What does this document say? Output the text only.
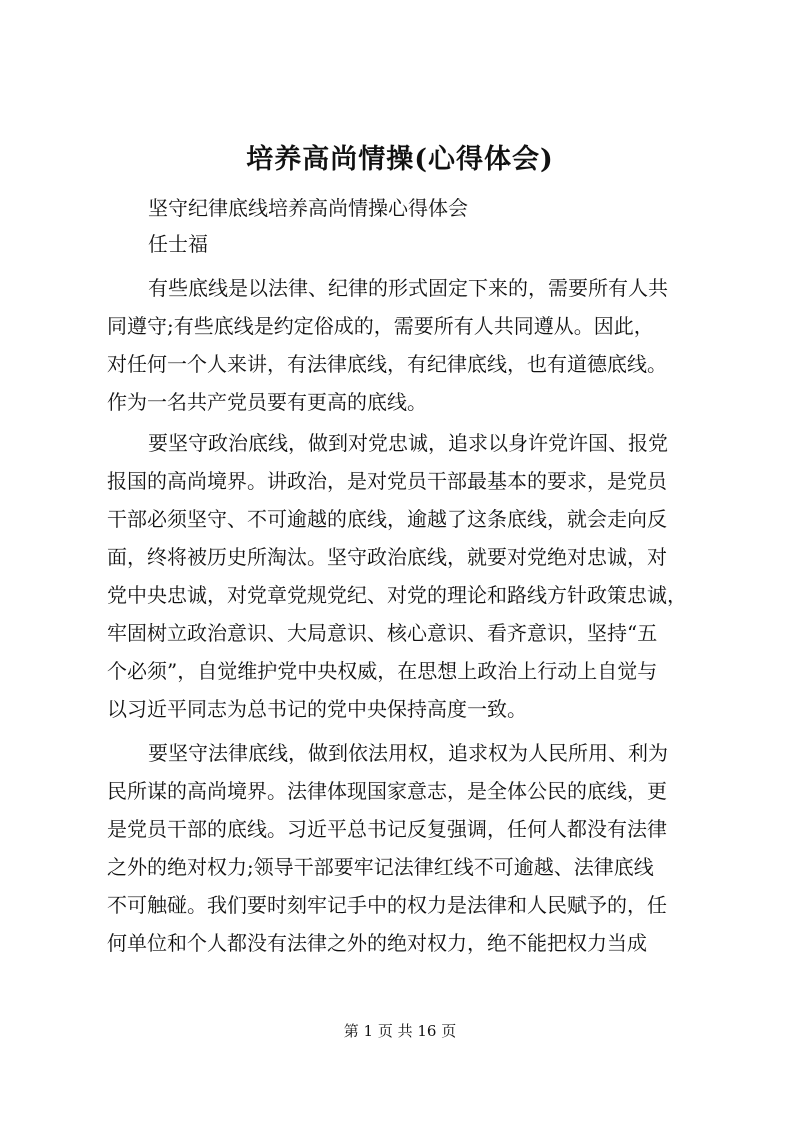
培养高尚情操(心得体会)

坚守纪律底线培养高尚情操心得体会

任士福

有些底线是以法律、纪律的形式固定下来的，需要所有人共
同遵守;有些底线是约定俗成的，需要所有人共同遵从。因此，
对任何一个人来讲，有法律底线，有纪律底线，也有道德底线。
作为一名共产党员要有更高的底线。
要坚守政治底线，做到对党忠诚，追求以身许党许国、报党
报国的高尚境界。讲政治，是对党员干部最基本的要求，是党员
干部必须坚守、不可逾越的底线，逾越了这条底线，就会走向反
面，终将被历史所淘汰。坚守政治底线，就要对党绝对忠诚，对
党中央忠诚，对党章党规党纪、对党的理论和路线方针政策忠诚，
牢固树立政治意识、大局意识、核心意识、看齐意识，坚持“五
个必须”，自觉维护党中央权威，在思想上政治上行动上自觉与
以习近平同志为总书记的党中央保持高度一致。
要坚守法律底线，做到依法用权，追求权为人民所用、利为
民所谋的高尚境界。法律体现国家意志，是全体公民的底线，更
是党员干部的底线。习近平总书记反复强调，任何人都没有法律
之外的绝对权力;领导干部要牢记法律红线不可逾越、法律底线
不可触碰。我们要时刻牢记手中的权力是法律和人民赋予的，任
何单位和个人都没有法律之外的绝对权力，绝不能把权力当成

第 1 页 共 16 页
